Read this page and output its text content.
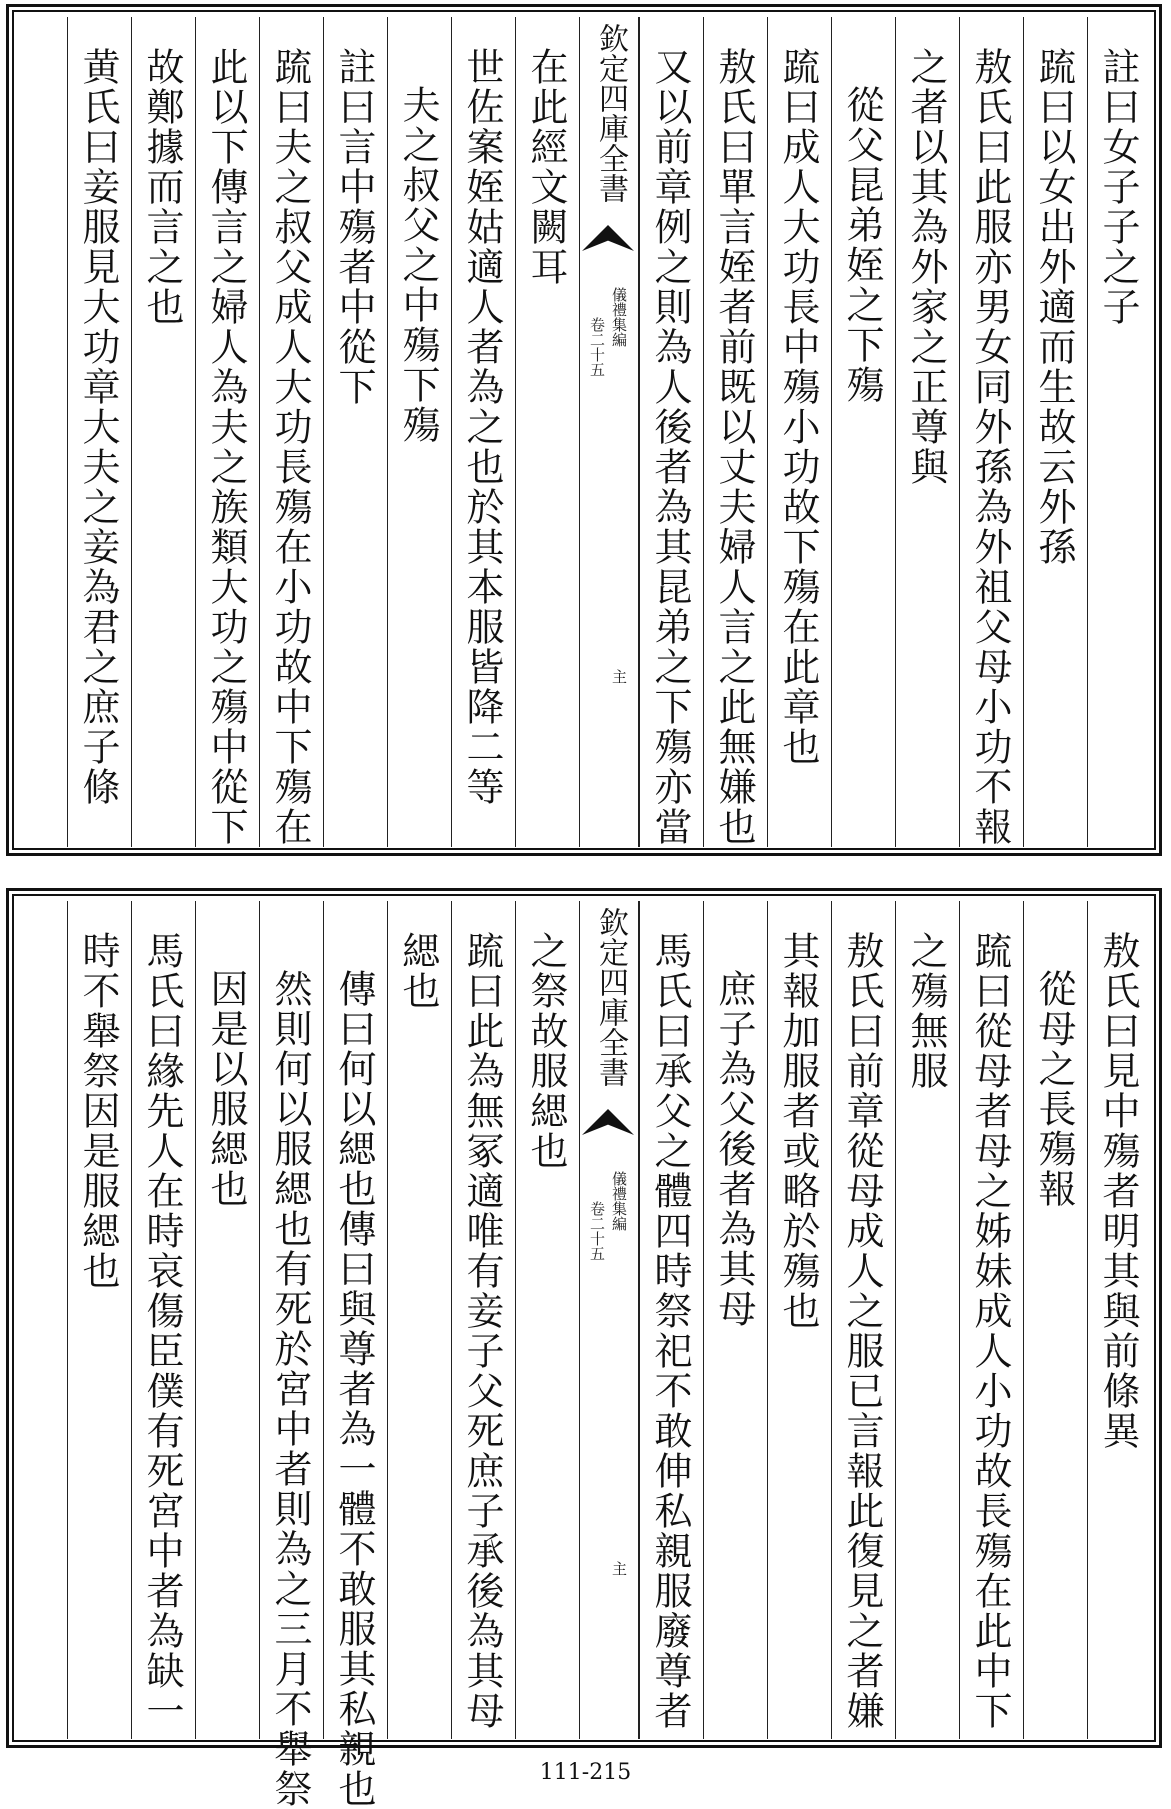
註曰女子子之子
䟽曰以女出外適而生故云外孫
敖氏曰此服亦男女同外孫為外祖父母小功不報
之者以其為外家之正尊與
從父昆弟姪之下殤
䟽曰成人大功長中殤小功故下殤在此章也
敖氏曰單言姪者前既以丈夫婦人言之此無嫌也
又以前章例之則為人後者為其昆弟之下殤亦當
欽定四庫全書
儀禮集編
卷二十五
主
在此經文闕耳
世佐案姪姑適人者為之也於其本服皆降二等
夫之叔父之中殤下殤
註曰言中殤者中從下
䟽曰夫之叔父成人大功長殤在小功故中下殤在
此以下傳言之婦人為夫之族類大功之殤中從下
故鄭據而言之也
黄氏曰妾服見大功章大夫之妾為君之庶子條
敖氏曰見中殤者明其與前條異
從母之長殤報
䟽曰從母者母之姊妹成人小功故長殤在此中下
之殤無服
敖氏曰前章從母成人之服已言報此復見之者嫌
其報加服者或略於殤也
庶子為父後者為其母
馬氏曰承父之體四時祭祀不敢伸私親服廢尊者
欽定四庫全書
儀禮集編
卷二十五
主
之祭故服緦也
䟽曰此為無冢適唯有妾子父死庶子承後為其母
緦也
傳曰何以緦也傳曰與尊者為一體不敢服其私親也
然則何以服緦也有死於宮中者則為之三月不舉祭
因是以服緦也
馬氏曰緣先人在時哀傷臣僕有死宮中者為缺一
時不舉祭因是服緦也
111-215
